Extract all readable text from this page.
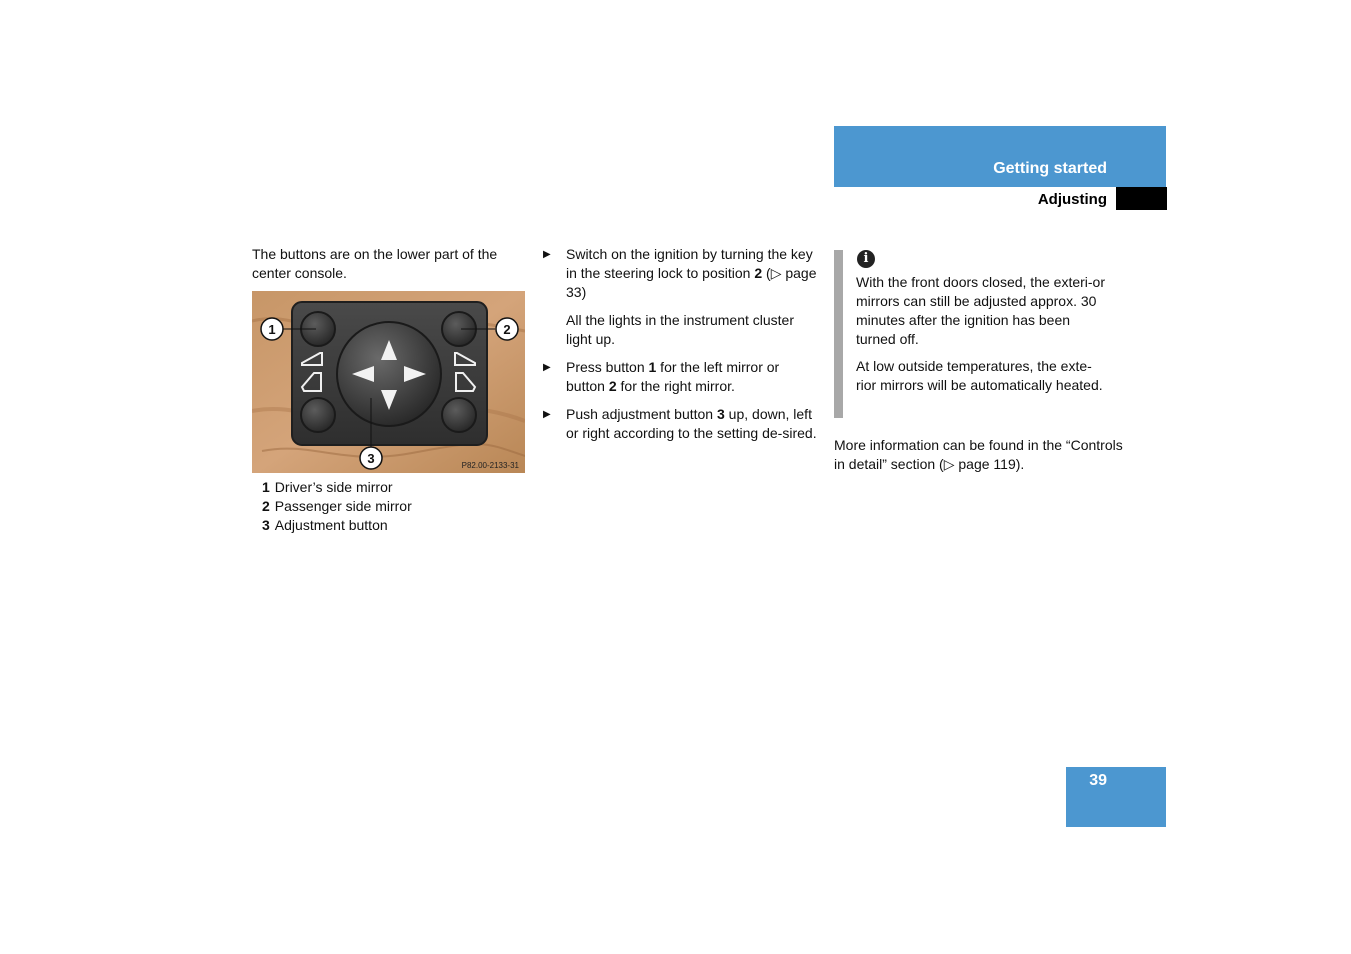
Getting started
Adjusting
The buttons are on the lower part of the center console.
1	2
3	P82.00-2133-31
1 Driver’s side mirror
2 Passenger side mirror
3 Adjustment button
▶ Switch on the ignition by turning the key in the steering lock to position 2 (▷ page 33)
All the lights in the instrument cluster light up.
▶ Press button 1 for the left mirror or button 2 for the right mirror.
▶ Push adjustment button 3 up, down, left or right according to the setting de-sired.
i
With the front doors closed, the exteri-or mirrors can still be adjusted approx. 30 minutes after the ignition has been turned off.
At low outside temperatures, the exte-rior mirrors will be automatically heated.
More information can be found in the “Controls in detail” section (▷ page 119).
39
